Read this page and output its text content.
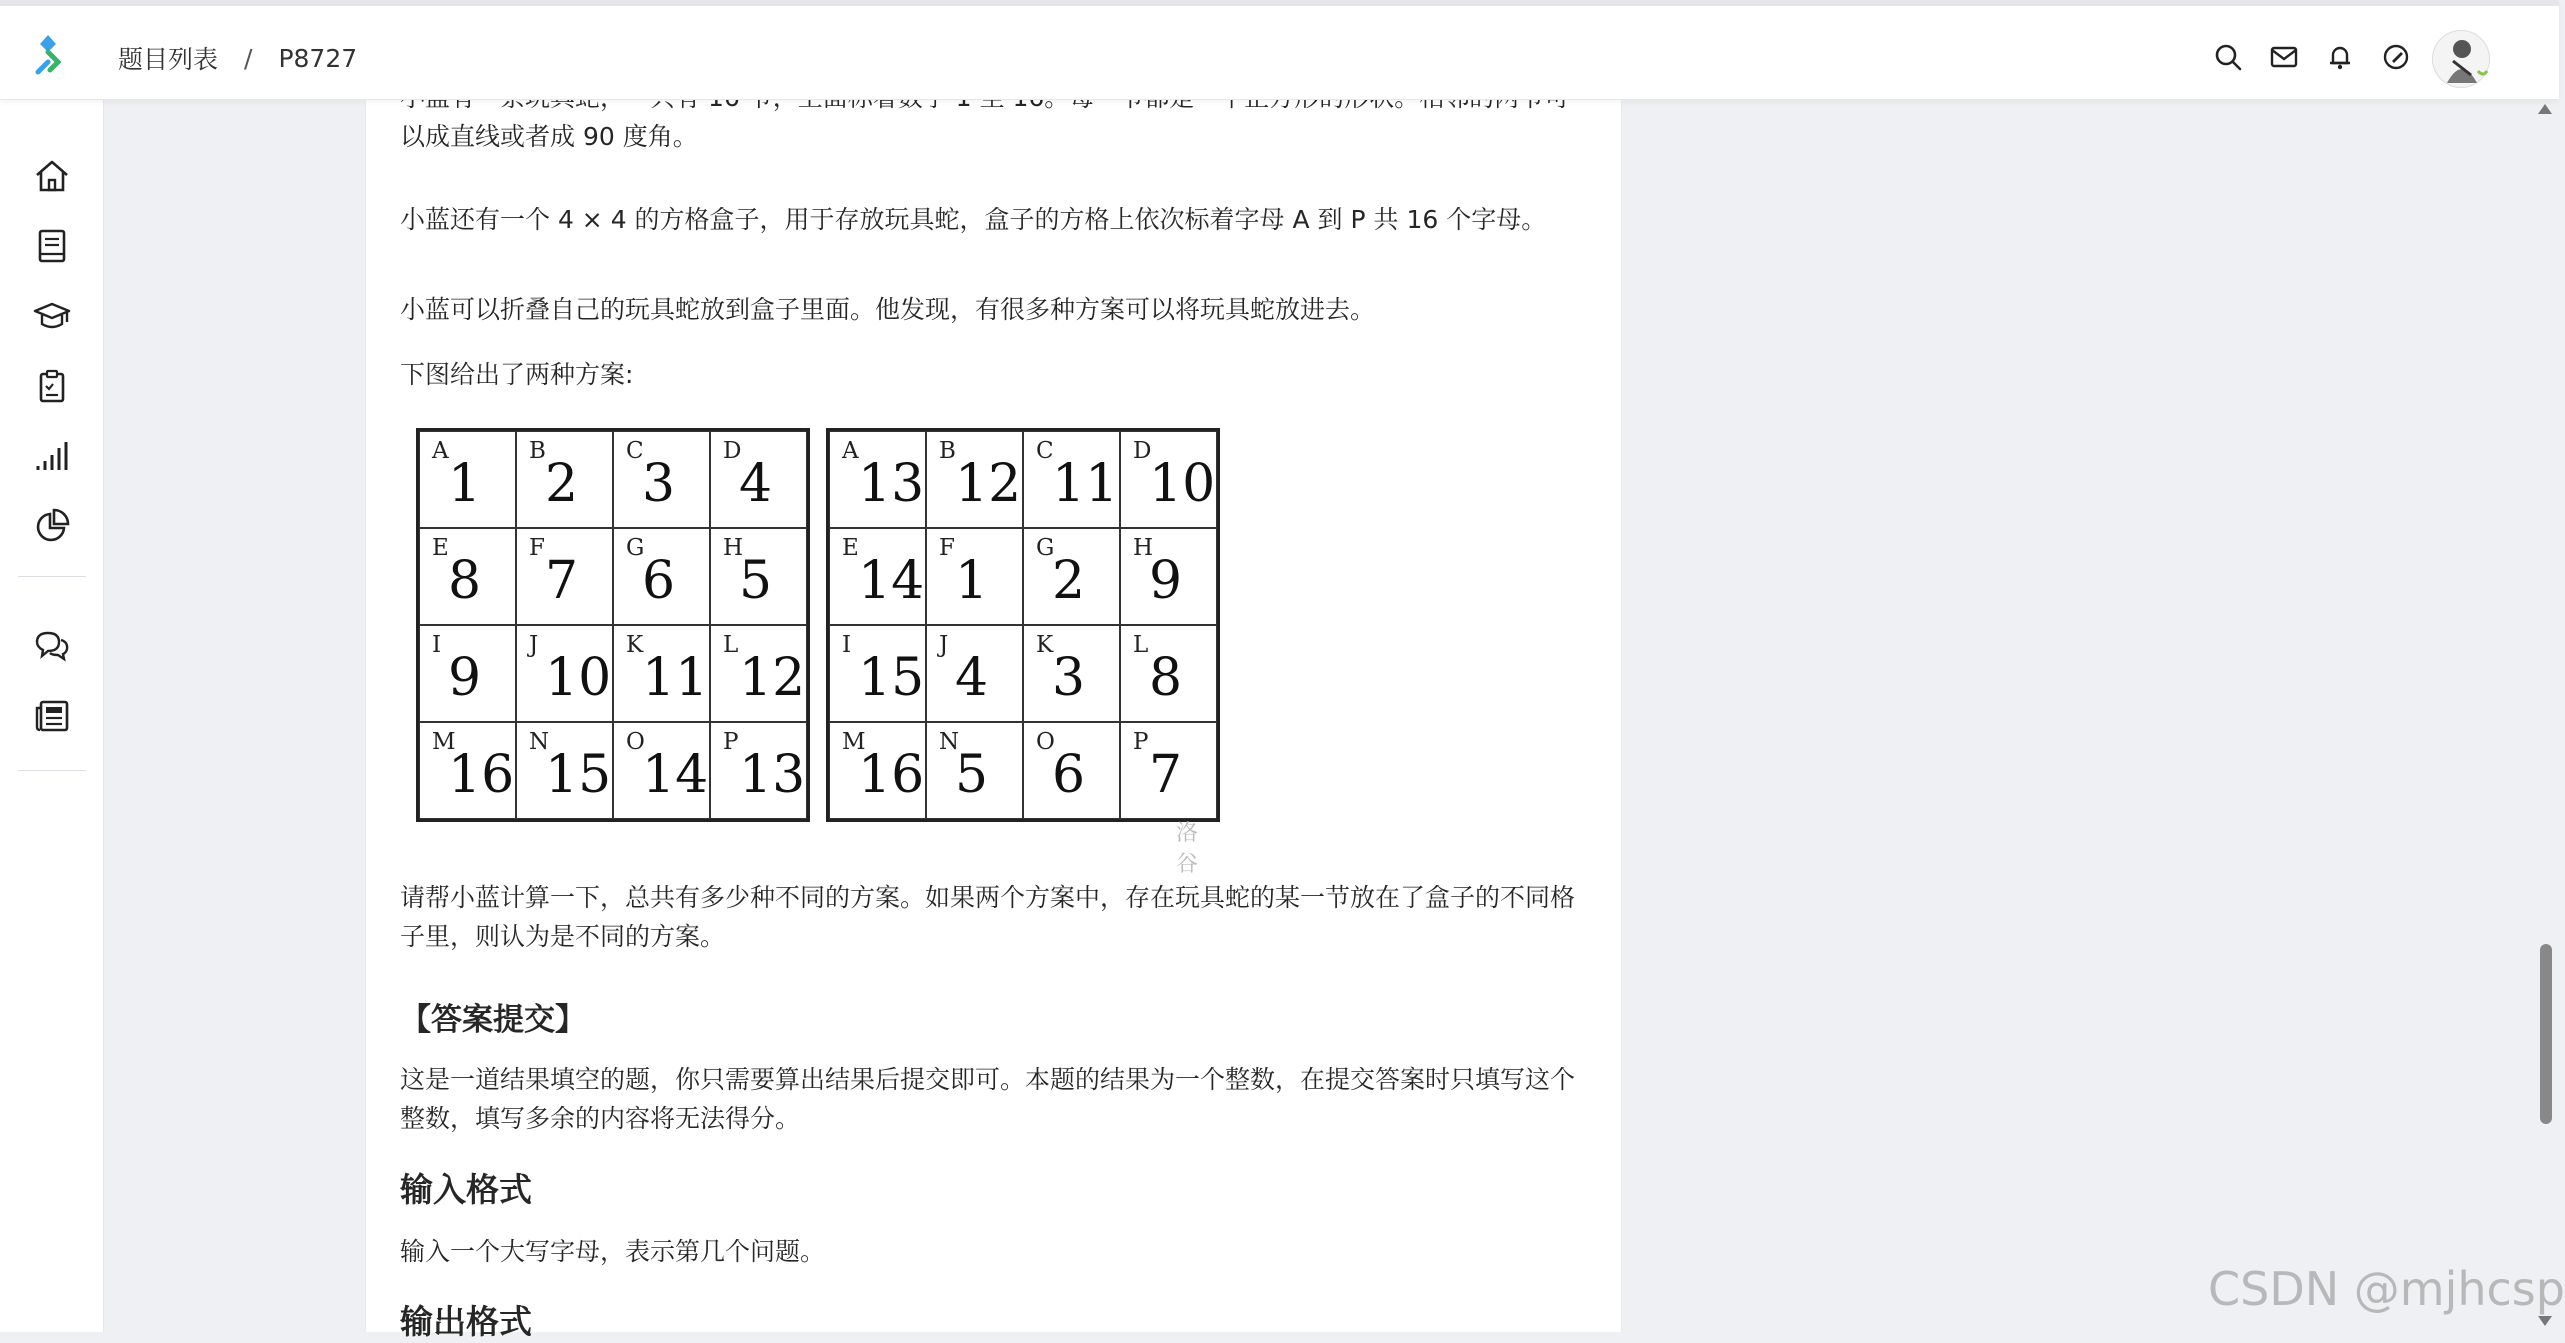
题目列表 / P8727

以成直线或者成 90 度角。

小蓝还有一个 4 × 4 的方格盒子，用于存放玩具蛇，盒子的方格上依次标着字母 A 到 P 共 16 个字母。

小蓝可以折叠自己的玩具蛇放到盒子里面。他发现，有很多种方案可以将玩具蛇放进去。

下图给出了两种方案:

A
1
B
2
C
3
D
4
E
8
F
7
G
6
H
5
I
9
J
10
K
11
L
12
M
16
N
15
O
14
P
13
A
13
B
12
C
11
D
10
E
14
F
1
G
2
H
9
I
15
J
4
K
3
L
8
M
16
N
5
O
6
P
7
洛谷

请帮小蓝计算一下，总共有多少种不同的方案。如果两个方案中，存在玩具蛇的某一节放在了盒子的不同格子里，则认为是不同的方案。

【答案提交】

这是一道结果填空的题，你只需要算出结果后提交即可。本题的结果为一个整数，在提交答案时只填写这个整数，填写多余的内容将无法得分。

输入格式

输入一个大写字母，表示第几个问题。

输出格式
CSDN @mjhcsp
